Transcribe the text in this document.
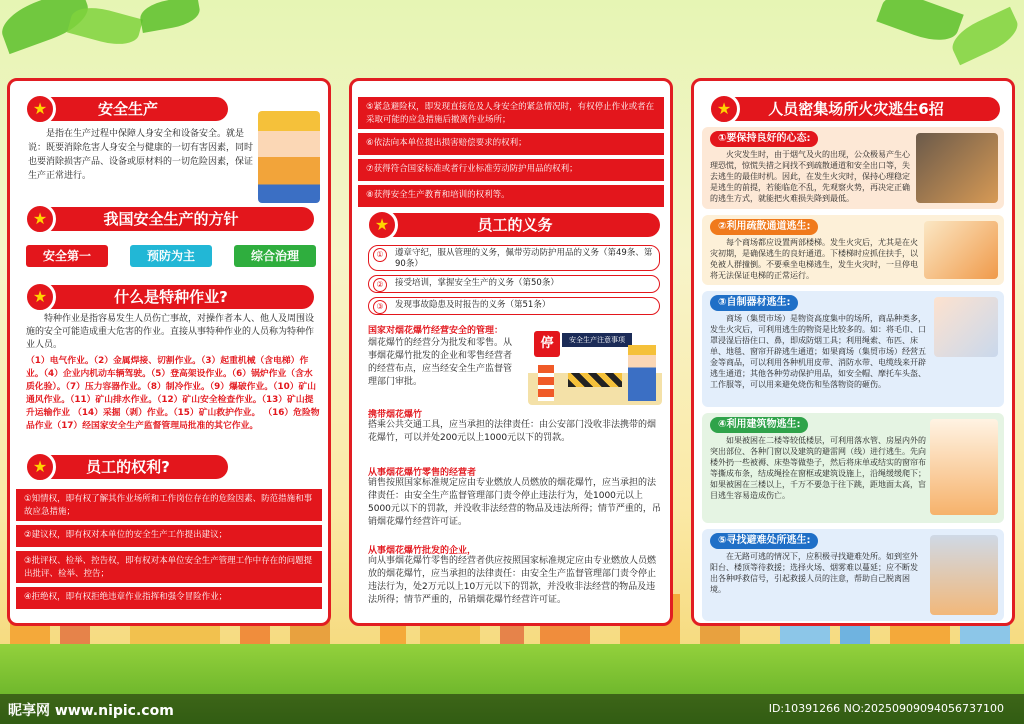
★	安全生产
是指在生产过程中保障人身安全和设备安全。就是说：既要消除危害人身安全与健康的一切有害因素，同时也要消除损害产品、设备或原材料的一切危险因素，保证生产正常进行。
★	我国安全生产的方针
安全第一	预防为主	综合治理
★	什么是特种作业?
特种作业是指容易发生人员伤亡事故，对操作者本人、他人及周围设施的安全可能造成重大危害的作业。直接从事特种作业的人员称为特种作业人员。
（1）电气作业。（2）金属焊接、切割作业。（3）起重机械（含电梯）作业。（4）企业内机动车辆驾驶。（5）登高架设作业。（6）锅炉作业（含水质化验）。（7）压力容器作业。（8）制冷作业。（9）爆破作业。（10）矿山通风作业。（11）矿山排水作业。（12）矿山安全检查作业。（13）矿山提升运输作业 （14）采掘（剥）作业。（15）矿山救护作业。 （16）危险物品作业（17）经国家安全生产监督管理局批准的其它作业。
★	员工的权利?
①知情权，即有权了解其作业场所和工作岗位存在的危险因素、防范措施和事故应急措施；
②建议权，即有权对本单位的安全生产工作提出建议；
③批评权、检举、控告权，即有权对本单位安全生产管理工作中存在的问题提出批评、检举、控告；
④拒绝权，即有权拒绝违章作业指挥和强令冒险作业；
⑤紧急避险权，即发现直接危及人身安全的紧急情况时，有权停止作业或者在采取可能的应急措施后撤离作业场所；
⑥依法向本单位提出损害赔偿要求的权利；
⑦获得符合国家标准或者行业标准劳动防护用品的权利；
⑧获得安全生产教育和培训的权利等。
★	员工的义务
①	遵章守纪，服从管理的义务，佩带劳动防护用品的义务（第49条、第90条）
②	接受培训，掌握安全生产的义务（第50条）
③	发现事故隐患及时报告的义务（第51条）
国家对烟花爆竹经营安全的管理：
烟花爆竹的经营分为批发和零售。从事烟花爆竹批发的企业和零售经营者的经营布点，应当经安全生产监督管理部门审批。
停	安全生产注意事项
携带烟花爆竹
搭乘公共交通工具，应当承担的法律责任：由公安部门没收非法携带的烟花爆竹，可以并处200元以上1000元以下的罚款。
从事烟花爆竹零售的经营者
销售按照国家标准规定应由专业燃放人员燃放的烟花爆竹，应当承担的法律责任：由安全生产监督管理部门责令停止违法行为，处1000元以上5000元以下的罚款，并没收非法经营的物品及违法所得；情节严重的，吊销烟花爆竹经营许可证。
从事烟花爆竹批发的企业，
向从事烟花爆竹零售的经营者供应按照国家标准规定应由专业燃放人员燃放的烟花爆竹，应当承担的法律责任：由安全生产监督管理部门责令停止违法行为，处2万元以上10万元以下的罚款，并没收非法经营的物品及违法所得；情节严重的，吊销烟花爆竹经营许可证。
★	人员密集场所火灾逃生6招
①要保持良好的心态:
火灾发生时，由于烟气及火的出现，公众极易产生心理恐慌，惊慌失措之间找不到疏散通道和安全出口等，失去逃生的最佳时机。因此，在发生火灾时，保持心理稳定是逃生的前提，若能临危不乱，先观察火势，再决定正确的逃生方式，就能把火难损失降到最低。
②利用疏散通道逃生:
每个商场都应设置两部楼梯。发生火灾后，尤其是在火灾初期，是确保逃生的良好通道。下楼梯时应抓住扶手，以免被人群撞倒。不要乘坐电梯逃生，发生火灾时，一旦停电将无法保证电梯的正常运行。
③自制器材逃生:
商场（集贸市场）是物资高度集中的场所，商品种类多，发生火灾后，可利用逃生的物资是比较多的。如：将毛巾、口罩浸湿后捂住口、鼻，即成防烟工具；利用绳索、布匹、床单、地毯、窗帘开辟逃生通道；如果商场（集贸市场）经营五金等商品，可以利用各种机用皮带、消防水带、电缆线来开辟逃生通道；其他各种劳动保护用品，如安全帽、摩托车头盔、工作服等，可以用来避免烧伤和坠落物资的砸伤。
④利用建筑物逃生:
如果被困在二楼等较低楼层，可利用落水管、房屋内外的突出部位、各种门窗以及建筑的避雷网（线）进行逃生。先向楼外扔一些被褥、床垫等做垫子，然后将床单或结实的窗帘布等撕成布条，结成绳拴在窗框或建筑设施上，沿绳缓缓爬下；如果被困在三楼以上，千万不要急于往下跳，距地面太高，盲目逃生容易造成伤亡。
⑤寻找避难处所逃生:
在无路可逃的情况下，应积极寻找避难处所。如到室外阳台、楼顶等待救援；选择火场、烟雾难以蔓延；应不断发出各种呼救信号，引起救援人员的注意，帮助自己脱离困境。
昵享网 www.nipic.com	ID:10391266 NO:20250909094056737100
